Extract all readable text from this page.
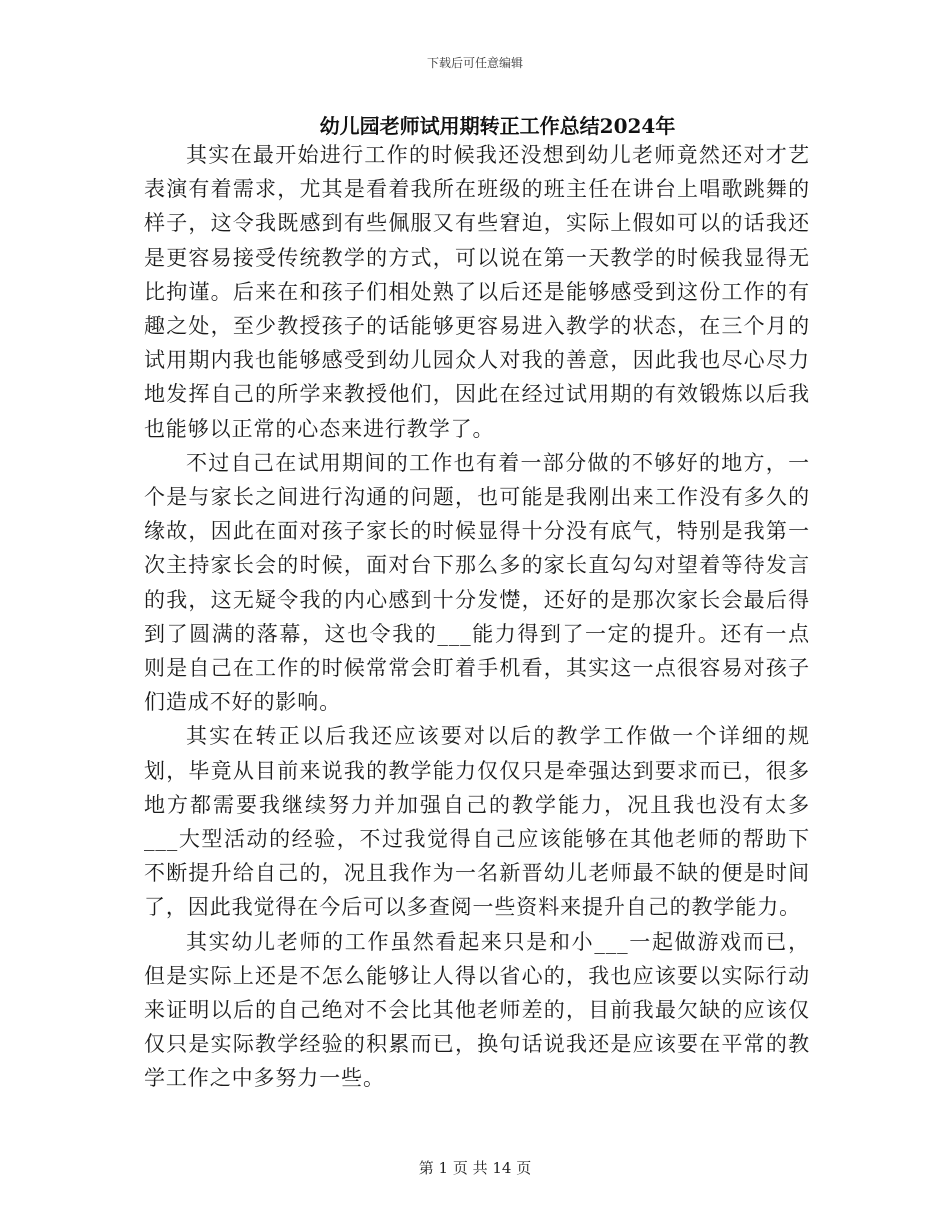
下载后可任意编辑
幼儿园老师试用期转正工作总结2024年

其实在最开始进行工作的时候我还没想到幼儿老师竟然还对才艺表演有着需求，尤其是看着我所在班级的班主任在讲台上唱歌跳舞的样子，这令我既感到有些佩服又有些窘迫，实际上假如可以的话我还是更容易接受传统教学的方式，可以说在第一天教学的时候我显得无比拘谨。后来在和孩子们相处熟了以后还是能够感受到这份工作的有趣之处，至少教授孩子的话能够更容易进入教学的状态，在三个月的试用期内我也能够感受到幼儿园众人对我的善意，因此我也尽心尽力地发挥自己的所学来教授他们，因此在经过试用期的有效锻炼以后我也能够以正常的心态来进行教学了。

不过自己在试用期间的工作也有着一部分做的不够好的地方，一个是与家长之间进行沟通的问题，也可能是我刚出来工作没有多久的缘故，因此在面对孩子家长的时候显得十分没有底气，特别是我第一次主持家长会的时候，面对台下那么多的家长直勾勾对望着等待发言的我，这无疑令我的内心感到十分发憷，还好的是那次家长会最后得到了圆满的落幕，这也令我的___能力得到了一定的提升。还有一点则是自己在工作的时候常常会盯着手机看，其实这一点很容易对孩子们造成不好的影响。

其实在转正以后我还应该要对以后的教学工作做一个详细的规划，毕竟从目前来说我的教学能力仅仅只是牵强达到要求而已，很多地方都需要我继续努力并加强自己的教学能力，况且我也没有太多___大型活动的经验，不过我觉得自己应该能够在其他老师的帮助下不断提升给自己的，况且我作为一名新晋幼儿老师最不缺的便是时间了，因此我觉得在今后可以多查阅一些资料来提升自己的教学能力。

其实幼儿老师的工作虽然看起来只是和小___一起做游戏而已，但是实际上还是不怎么能够让人得以省心的，我也应该要以实际行动来证明以后的自己绝对不会比其他老师差的，目前我最欠缺的应该仅仅只是实际教学经验的积累而已，换句话说我还是应该要在平常的教学工作之中多努力一些。

第 1 页 共 14 页
